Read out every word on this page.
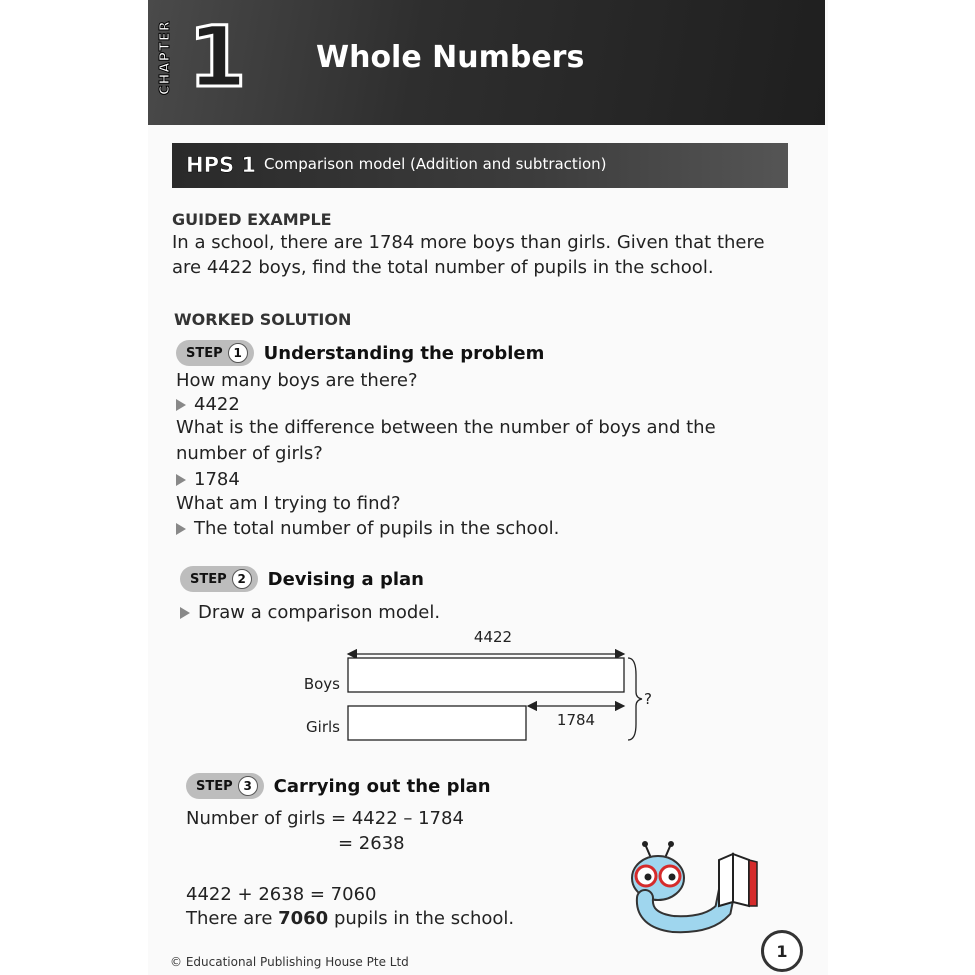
CHAPTER 1 Whole Numbers
HPS 1 Comparison model (Addition and subtraction)
GUIDED EXAMPLE
In a school, there are 1784 more boys than girls. Given that there
are 4422 boys, find the total number of pupils in the school.
WORKED SOLUTION
STEP 1	Understanding the problem
How many boys are there?
4422
What is the difference between the number of boys and the
number of girls?
1784
What am I trying to find?
The total number of pupils in the school.
STEP 2	Devising a plan
Draw a comparison model.
4422
Boys
Girls	1784
?
STEP 3	Carrying out the plan
Number of girls = 4422 – 1784
= 2638
4422 + 2638 = 7060
There are 7060 pupils in the school.
© Educational Publishing House Pte Ltd
1
